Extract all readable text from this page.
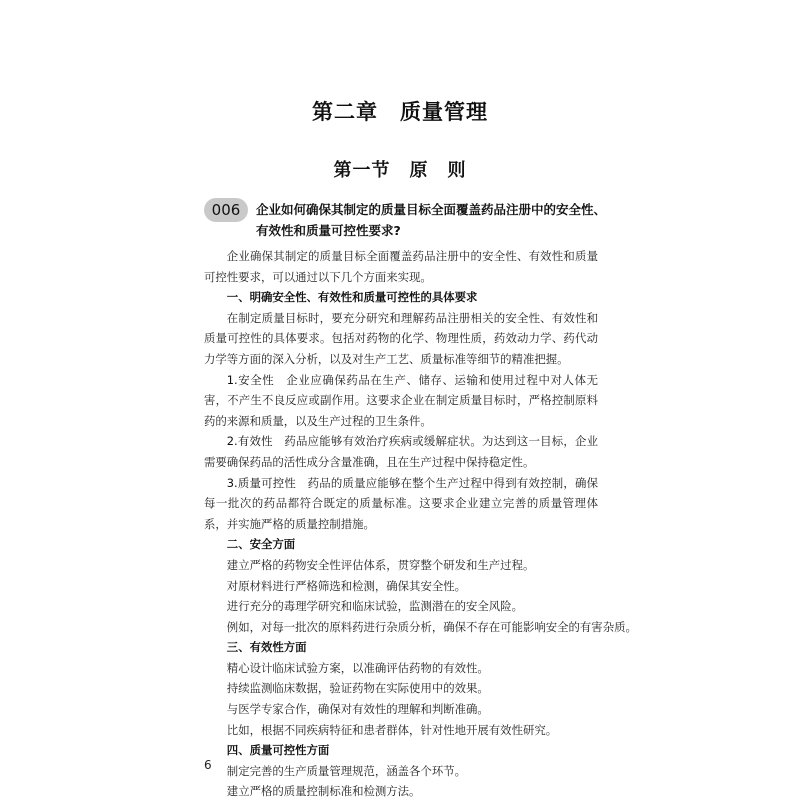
第二章　质量管理
第一节　原　则
006	企业如何确保其制定的质量目标全面覆盖药品注册中的安全性、有效性和质量可控性要求?

企业确保其制定的质量目标全面覆盖药品注册中的安全性、有效性和质量可控性要求，可以通过以下几个方面来实现。

一、明确安全性、有效性和质量可控性的具体要求

在制定质量目标时，要充分研究和理解药品注册相关的安全性、有效性和质量可控性的具体要求。包括对药物的化学、物理性质，药效动力学、药代动力学等方面的深入分析，以及对生产工艺、质量标准等细节的精准把握。

1.安全性　 企业应确保药品在生产、储存、运输和使用过程中对人体无害，不产生不良反应或副作用。这要求企业在制定质量目标时，严格控制原料药的来源和质量，以及生产过程的卫生条件。

2.有效性　 药品应能够有效治疗疾病或缓解症状。为达到这一目标，企业需要确保药品的活性成分含量准确，且在生产过程中保持稳定性。

3.质量可控性　 药品的质量应能够在整个生产过程中得到有效控制，确保每一批次的药品都符合既定的质量标准。这要求企业建立完善的质量管理体系，并实施严格的质量控制措施。

二、安全方面

建立严格的药物安全性评估体系，贯穿整个研发和生产过程。

对原材料进行严格筛选和检测，确保其安全性。

进行充分的毒理学研究和临床试验，监测潜在的安全风险。

例如，对每一批次的原料药进行杂质分析，确保不存在可能影响安全的有害杂质。

三、有效性方面

精心设计临床试验方案，以准确评估药物的有效性。

持续监测临床数据，验证药物在实际使用中的效果。

与医学专家合作，确保对有效性的理解和判断准确。

比如，根据不同疾病特征和患者群体，针对性地开展有效性研究。

四、质量可控性方面

制定完善的生产质量管理规范，涵盖各个环节。

建立严格的质量控制标准和检测方法。

6
